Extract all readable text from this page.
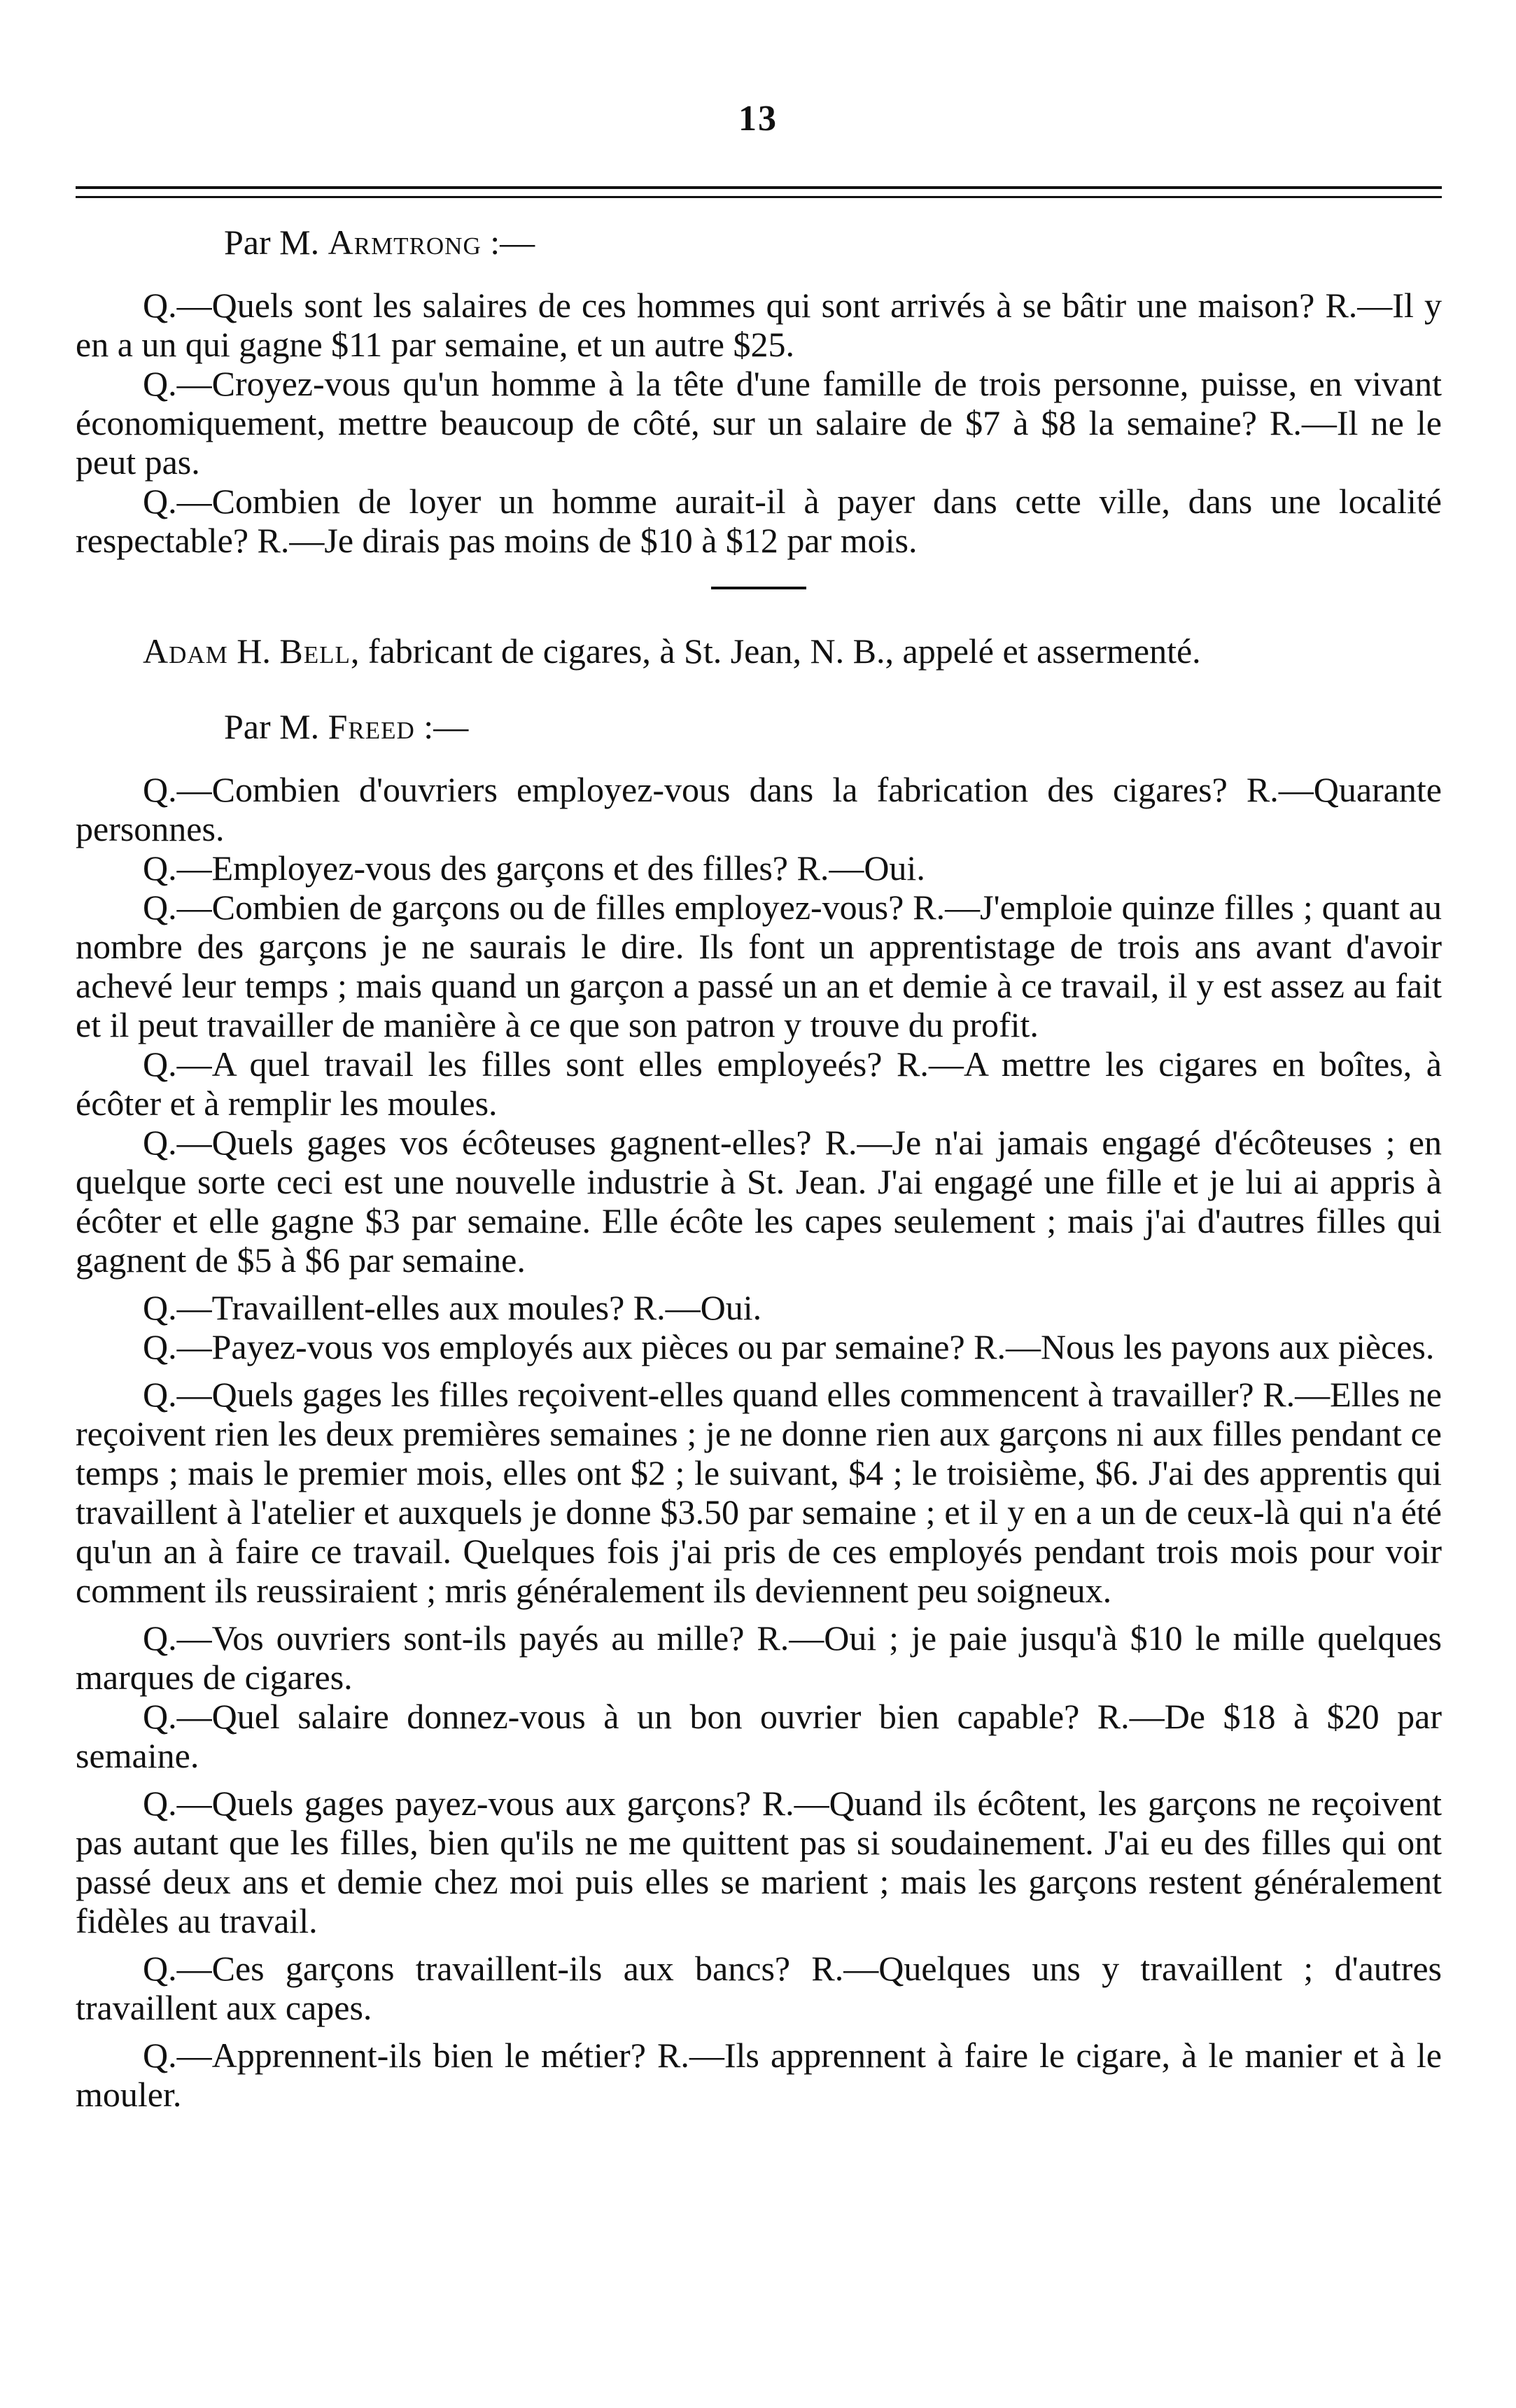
13

Par M. Armtrong :—

Q.—Quels sont les salaires de ces hommes qui sont arrivés à se bâtir une maison? R.—Il y en a un qui gagne $11 par semaine, et un autre $25.

Q.—Croyez-vous qu'un homme à la tête d'une famille de trois personne, puisse, en vivant économiquement, mettre beaucoup de côté, sur un salaire de $7 à $8 la semaine? R.—Il ne le peut pas.

Q.—Combien de loyer un homme aurait-il à payer dans cette ville, dans une localité respectable? R.—Je dirais pas moins de $10 à $12 par mois.

Adam H. Bell, fabricant de cigares, à St. Jean, N. B., appelé et assermenté.

Par M. Freed :—

Q.—Combien d'ouvriers employez-vous dans la fabrication des cigares? R.—Quarante personnes.

Q.—Employez-vous des garçons et des filles? R.—Oui.

Q.—Combien de garçons ou de filles employez-vous? R.—J'emploie quinze filles ; quant au nombre des garçons je ne saurais le dire. Ils font un apprentistage de trois ans avant d'avoir achevé leur temps ; mais quand un garçon a passé un an et demie à ce travail, il y est assez au fait et il peut travailler de manière à ce que son patron y trouve du profit.

Q.—A quel travail les filles sont elles employeés? R.—A mettre les cigares en boîtes, à écôter et à remplir les moules.

Q.—Quels gages vos écôteuses gagnent-elles? R.—Je n'ai jamais engagé d'écôteuses ; en quelque sorte ceci est une nouvelle industrie à St. Jean. J'ai engagé une fille et je lui ai appris à écôter et elle gagne $3 par semaine. Elle écôte les capes seulement ; mais j'ai d'autres filles qui gagnent de $5 à $6 par semaine.

Q.—Travaillent-elles aux moules? R.—Oui.

Q.—Payez-vous vos employés aux pièces ou par semaine? R.—Nous les payons aux pièces.

Q.—Quels gages les filles reçoivent-elles quand elles commencent à travailler? R.—Elles ne reçoivent rien les deux premières semaines ; je ne donne rien aux garçons ni aux filles pendant ce temps ; mais le premier mois, elles ont $2 ; le suivant, $4 ; le troisième, $6. J'ai des apprentis qui travaillent à l'atelier et auxquels je donne $3.50 par semaine ; et il y en a un de ceux-là qui n'a été qu'un an à faire ce travail. Quelques fois j'ai pris de ces employés pendant trois mois pour voir comment ils reussiraient ; mris généralement ils deviennent peu soigneux.

Q.—Vos ouvriers sont-ils payés au mille? R.—Oui ; je paie jusqu'à $10 le mille quelques marques de cigares.

Q.—Quel salaire donnez-vous à un bon ouvrier bien capable? R.—De $18 à $20 par semaine.

Q.—Quels gages payez-vous aux garçons? R.—Quand ils écôtent, les garçons ne reçoivent pas autant que les filles, bien qu'ils ne me quittent pas si soudainement. J'ai eu des filles qui ont passé deux ans et demie chez moi puis elles se marient ; mais les garçons restent généralement fidèles au travail.

Q.—Ces garçons travaillent-ils aux bancs? R.—Quelques uns y travaillent ; d'autres travaillent aux capes.

Q.—Apprennent-ils bien le métier? R.—Ils apprennent à faire le cigare, à le manier et à le mouler.
